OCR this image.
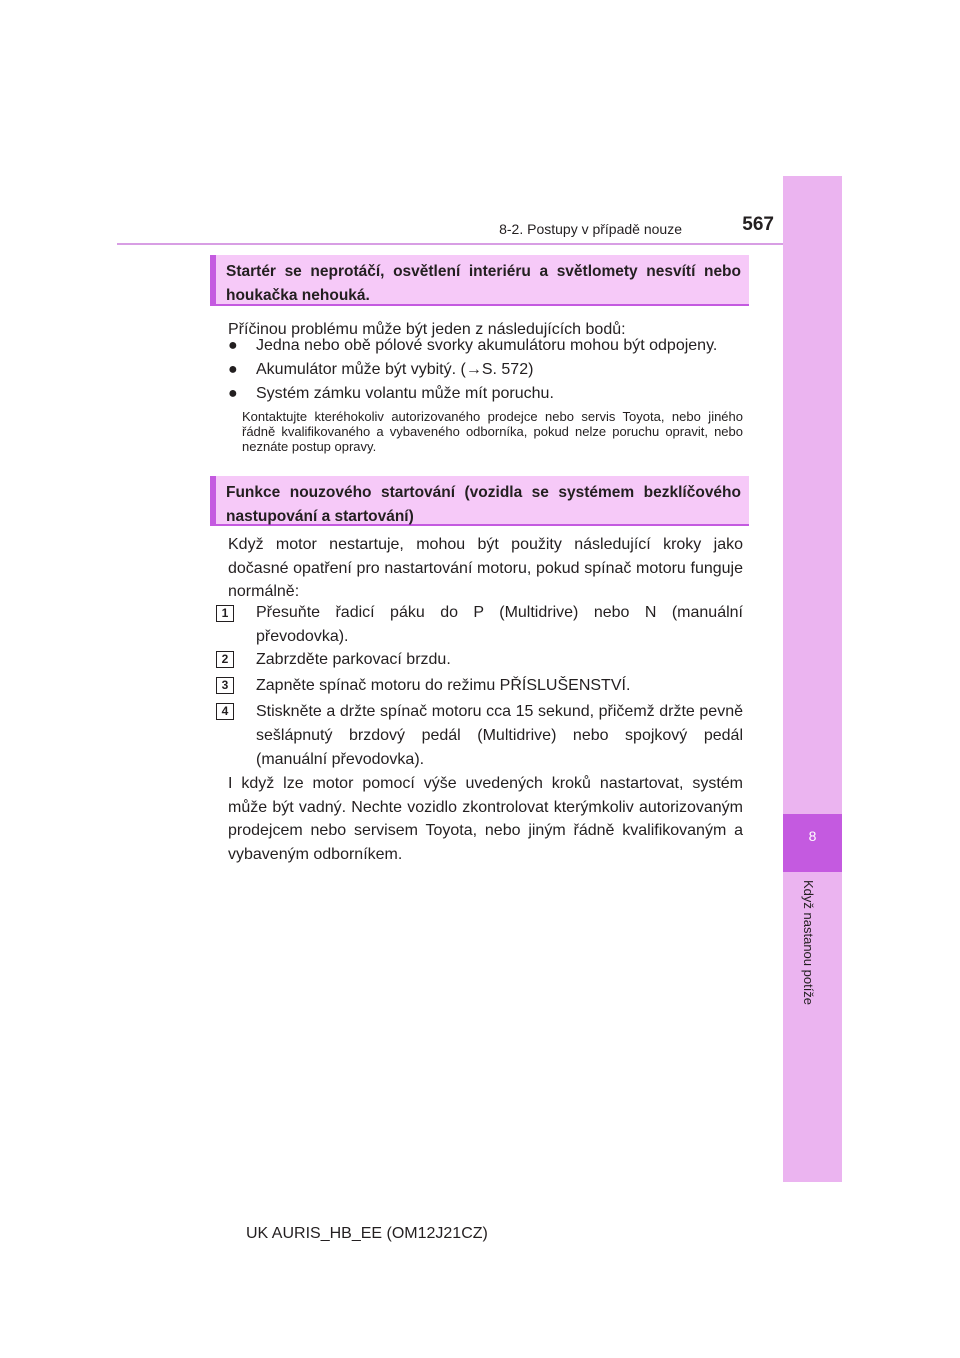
8
Když nastanou potíže
8-2. Postupy v případě nouze	567
Startér se neprotáčí, osvětlení interiéru a světlomety nesvítí nebo houkačka nehouká.
Příčinou problému může být jeden z následujících bodů:
● Jedna nebo obě pólové svorky akumulátoru mohou být odpojeny.
● Akumulátor může být vybitý. (→S. 572)
● Systém zámku volantu může mít poruchu.
Kontaktujte kteréhokoliv autorizovaného prodejce nebo servis Toyota, nebo jiného řádně kvalifikovaného a vybaveného odborníka, pokud nelze poruchu opravit, nebo neznáte postup opravy.
Funkce nouzového startování (vozidla se systémem bezklíčového nastupování a startování)
Když motor nestartuje, mohou být použity následující kroky jako dočasné opatření pro nastartování motoru, pokud spínač motoru funguje normálně:
1	Přesuňte řadicí páku do P (Multidrive) nebo N (manuální převodovka).
2	Zabrzděte parkovací brzdu.
3	Zapněte spínač motoru do režimu PŘÍSLUŠENSTVÍ.
4	Stiskněte a držte spínač motoru cca 15 sekund, přičemž držte pevně sešlápnutý brzdový pedál (Multidrive) nebo spojkový pedál (manuální převodovka).
I když lze motor pomocí výše uvedených kroků nastartovat, systém může být vadný. Nechte vozidlo zkontrolovat kterýmkoliv autorizovaným prodejcem nebo servisem Toyota, nebo jiným řádně kvalifikovaným a vybaveným odborníkem.
UK AURIS_HB_EE (OM12J21CZ)
